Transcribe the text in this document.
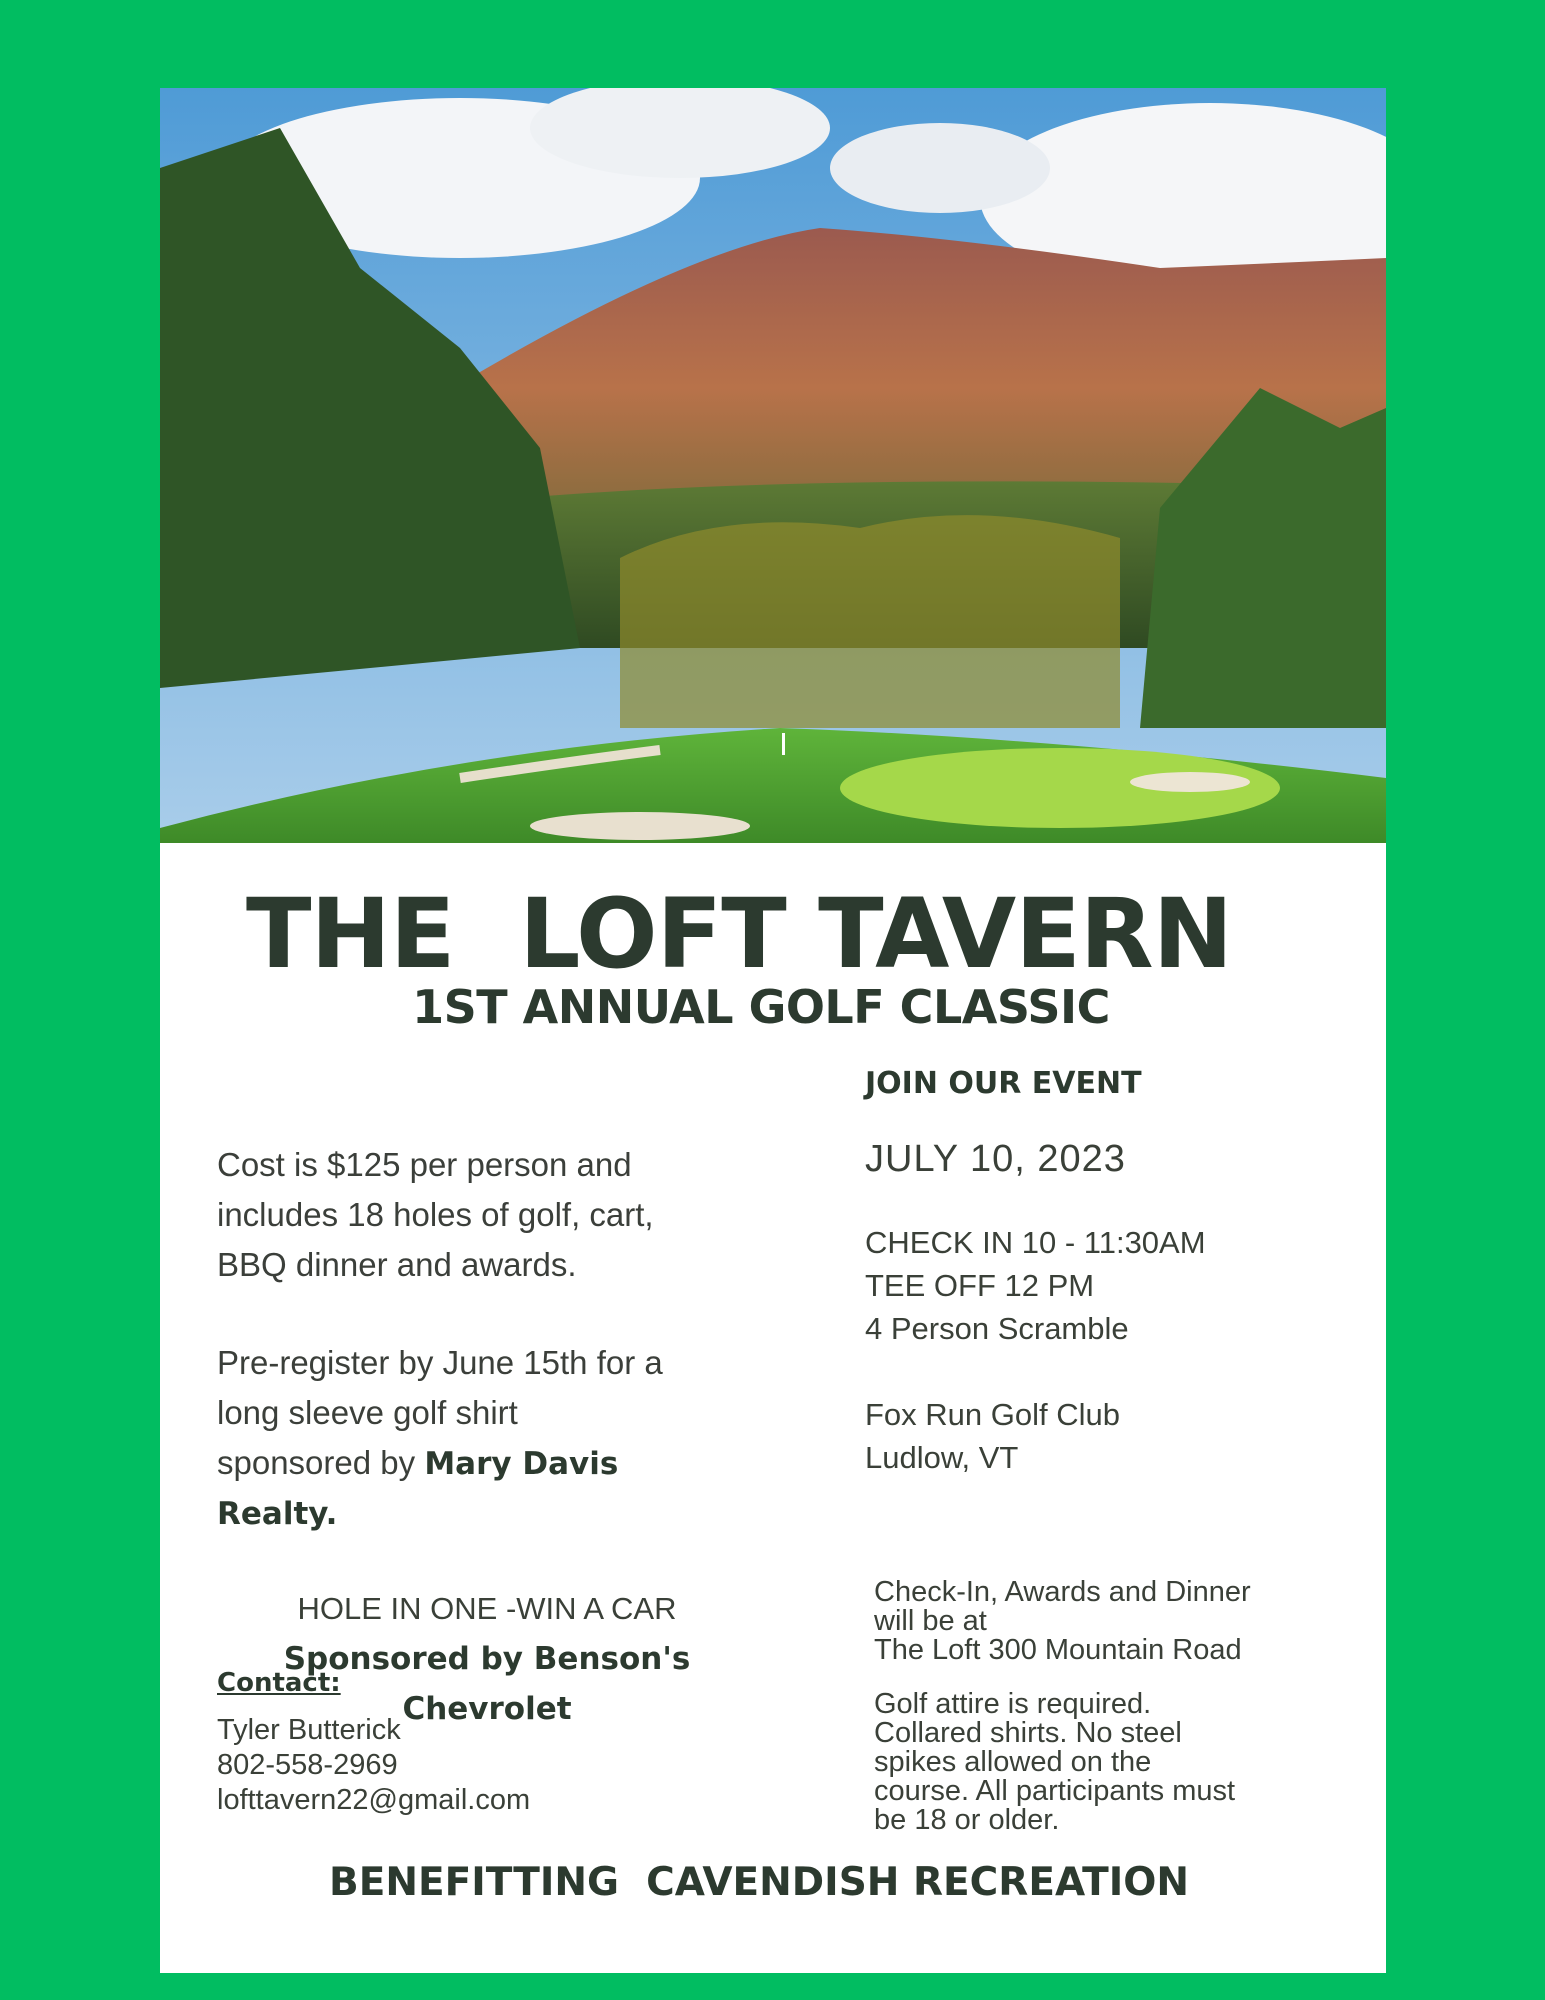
THE  LOFT TAVERN
1ST ANNUAL GOLF CLASSIC
Cost is $125 per person and
includes 18 holes of golf, cart,
BBQ dinner and awards.
Pre-register by June 15th for a
long sleeve golf shirt
sponsored by Mary Davis
Realty.
HOLE IN ONE -WIN A CAR
Sponsored by Benson's
Chevrolet
Contact:
Tyler Butterick
802-558-2969
lofttavern22@gmail.com
JOIN OUR EVENT
JULY 10, 2023
CHECK IN 10 - 11:30AM
TEE OFF 12 PM
4 Person Scramble
Fox Run Golf Club
Ludlow, VT
Check-In, Awards and Dinner
will be at
The Loft 300 Mountain Road
Golf attire is required.
Collared shirts. No steel
spikes allowed on the
course. All participants must
be 18 or older.
BENEFITTING  CAVENDISH RECREATION
